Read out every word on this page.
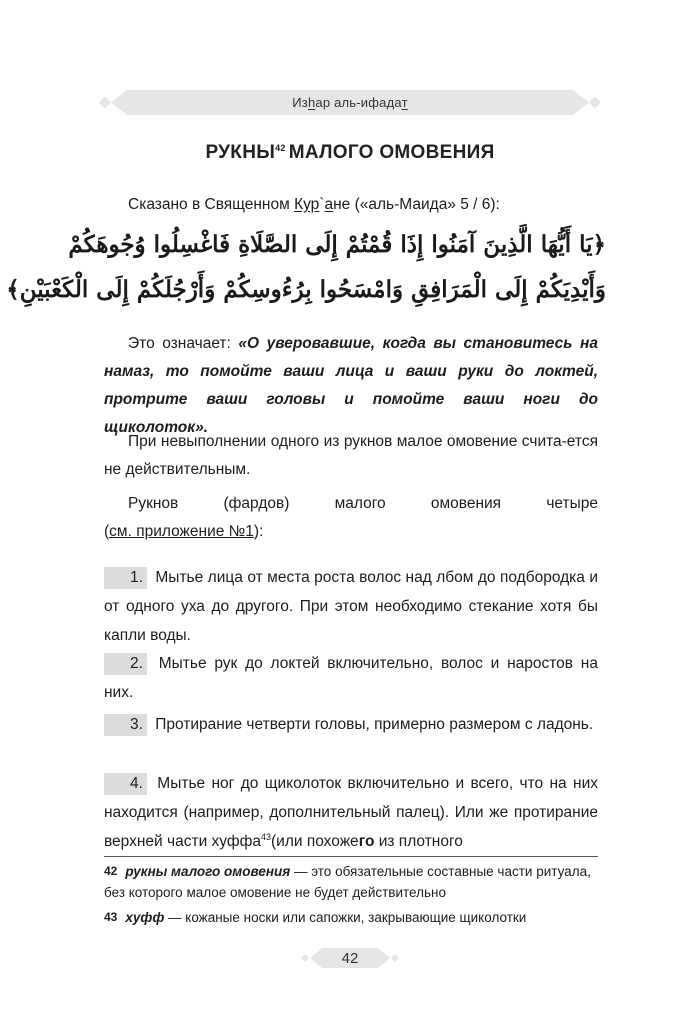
Изhар аль-ифадат
РУКНЫ$^{42}$ МАЛОГО ОМОВЕНИЯ
Сказано в Священном Кур`ане («аль-Маида» 5 / 6):
﴿يَا أَيُّهَا الَّذِينَ آمَنُوا إِذَا قُمْتُمْ إِلَى الصَّلَاةِ فَاغْسِلُوا وُجُوهَكُمْ
وَأَيْدِيَكُمْ إِلَى الْمَرَافِقِ وَامْسَحُوا بِرُءُوسِكُمْ وَأَرْجُلَكُمْ إِلَى الْكَعْبَيْنِ﴾
Это означает: «О уверовавшие, когда вы становитесь на намаз, то помойте ваши лица и ваши руки до локтей, протрите ваши головы и помойте ваши ноги до щиколоток».
При невыполнении одного из рукнов малое омовение счита-ется не действительным.
Рукнов	(фардов)	малого	омовения	четыре
(см. приложение №1):
1. Мытье лица от места роста волос над лбом до подбородка и от одного уха до другого. При этом необходимо стекание хотя бы капли воды.
2. Мытье рук до локтей включительно, волос и наростов на них.
3. Протирание четверти головы, примерно размером с ладонь.
4. Мытье ног до щиколоток включительно и всего, что на них находится (например, дополнительный палец). Или же протирание верхней части хуффа$^{43}$(или похожего из плотного
42 рукны малого омовения — это обязательные составные части ритуала, без которого малое омовение не будет действительно
43 хуфф — кожаные носки или сапожки, закрывающие щиколотки
42
